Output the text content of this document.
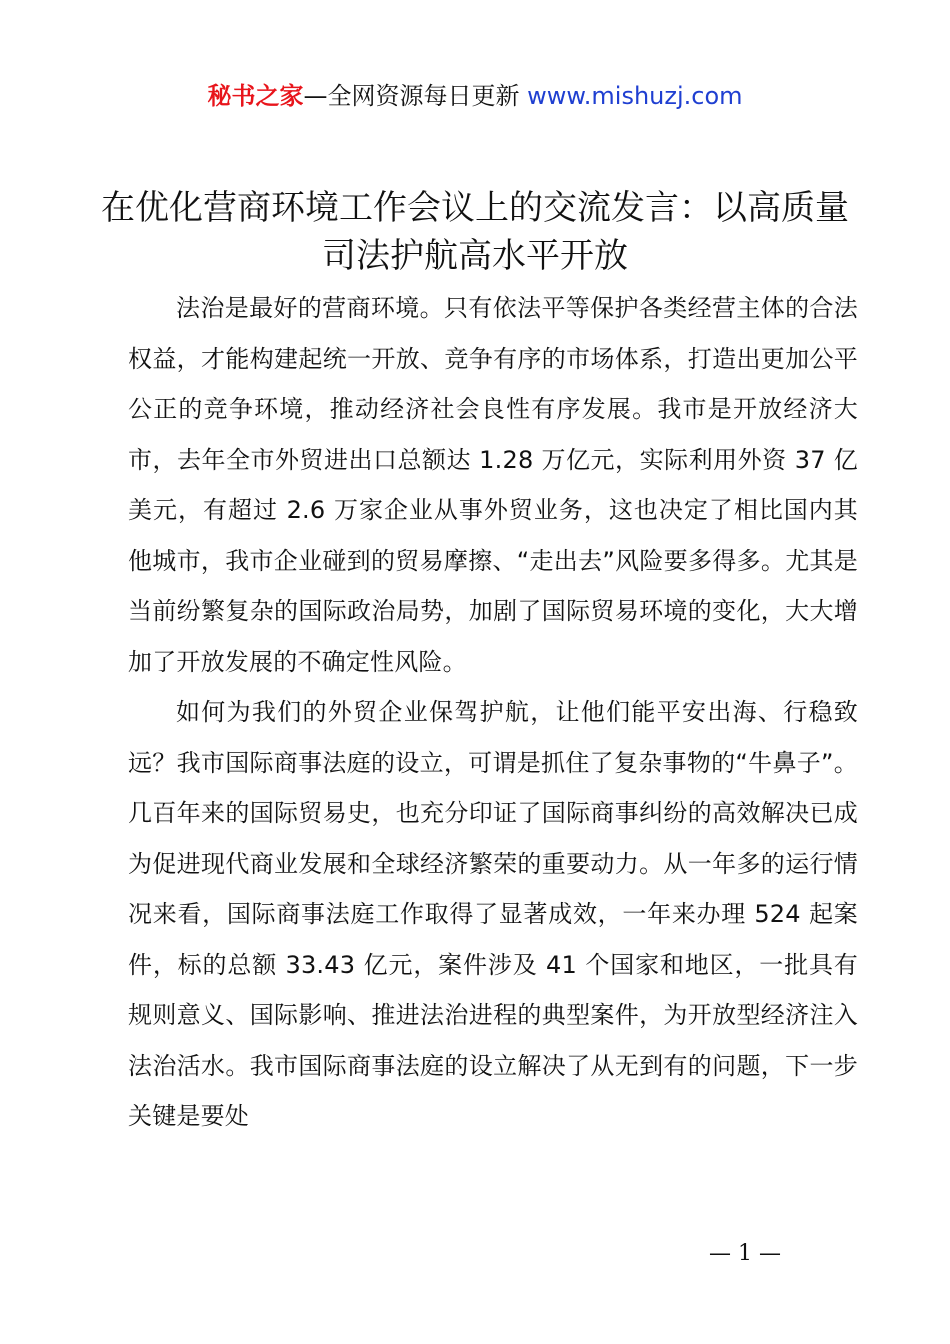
秘书之家—全网资源每日更新 www.mishuzj.com
在优化营商环境工作会议上的交流发言：以高质量司法护航高水平开放

法治是最好的营商环境。只有依法平等保护各类经营主体的合法权益，才能构建起统一开放、竞争有序的市场体系，打造出更加公平公正的竞争环境，推动经济社会良性有序发展。我市是开放经济大市，去年全市外贸进出口总额达 1.28 万亿元，实际利用外资 37 亿美元，有超过 2.6 万家企业从事外贸业务，这也决定了相比国内其他城市，我市企业碰到的贸易摩擦、“走出去”风险要多得多。尤其是当前纷繁复杂的国际政治局势，加剧了国际贸易环境的变化，大大增加了开放发展的不确定性风险。

如何为我们的外贸企业保驾护航，让他们能平安出海、行稳致远？我市国际商事法庭的设立，可谓是抓住了复杂事物的“牛鼻子”。几百年来的国际贸易史，也充分印证了国际商事纠纷的高效解决已成为促进现代商业发展和全球经济繁荣的重要动力。从一年多的运行情况来看，国际商事法庭工作取得了显著成效，一年来办理 524 起案件，标的总额 33.43 亿元，案件涉及 41 个国家和地区，一批具有规则意义、国际影响、推进法治进程的典型案件，为开放型经济注入法治活水。我市国际商事法庭的设立解决了从无到有的问题，下一步关键是要处

— 1 —
